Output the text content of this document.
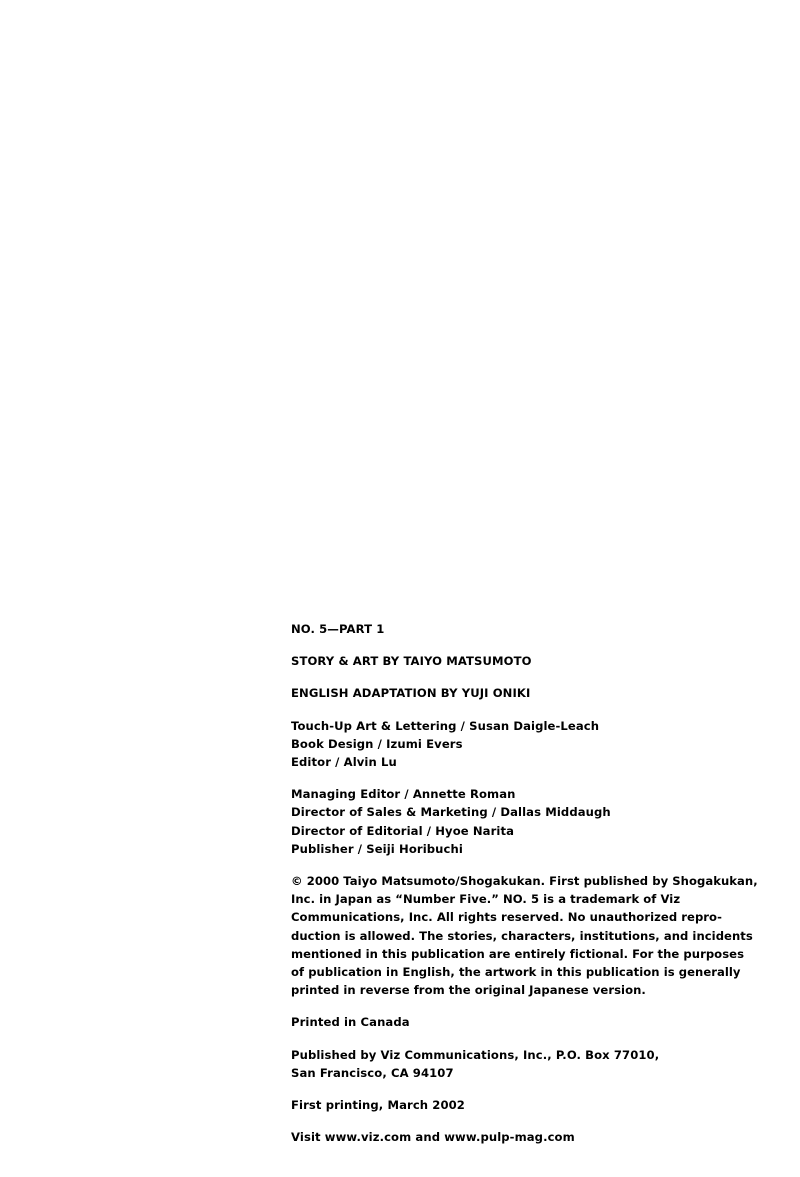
NO. 5—PART 1
STORY & ART BY TAIYO MATSUMOTO
ENGLISH ADAPTATION BY YUJI ONIKI
Touch-Up Art & Lettering / Susan Daigle-Leach
Book Design / Izumi Evers
Editor / Alvin Lu
Managing Editor / Annette Roman
Director of Sales & Marketing / Dallas Middaugh
Director of Editorial / Hyoe Narita
Publisher / Seiji Horibuchi
© 2000 Taiyo Matsumoto/Shogakukan. First published by Shogakukan, Inc. in Japan as “Number Five.” NO. 5 is a trademark of Viz Communications, Inc. All rights reserved. No unauthorized repro-duction is allowed. The stories, characters, institutions, and incidents mentioned in this publication are entirely fictional. For the purposes of publication in English, the artwork in this publication is generally printed in reverse from the original Japanese version.
Printed in Canada
Published by Viz Communications, Inc., P.O. Box 77010,
San Francisco, CA 94107
First printing, March 2002
Visit www.viz.com and www.pulp-mag.com
